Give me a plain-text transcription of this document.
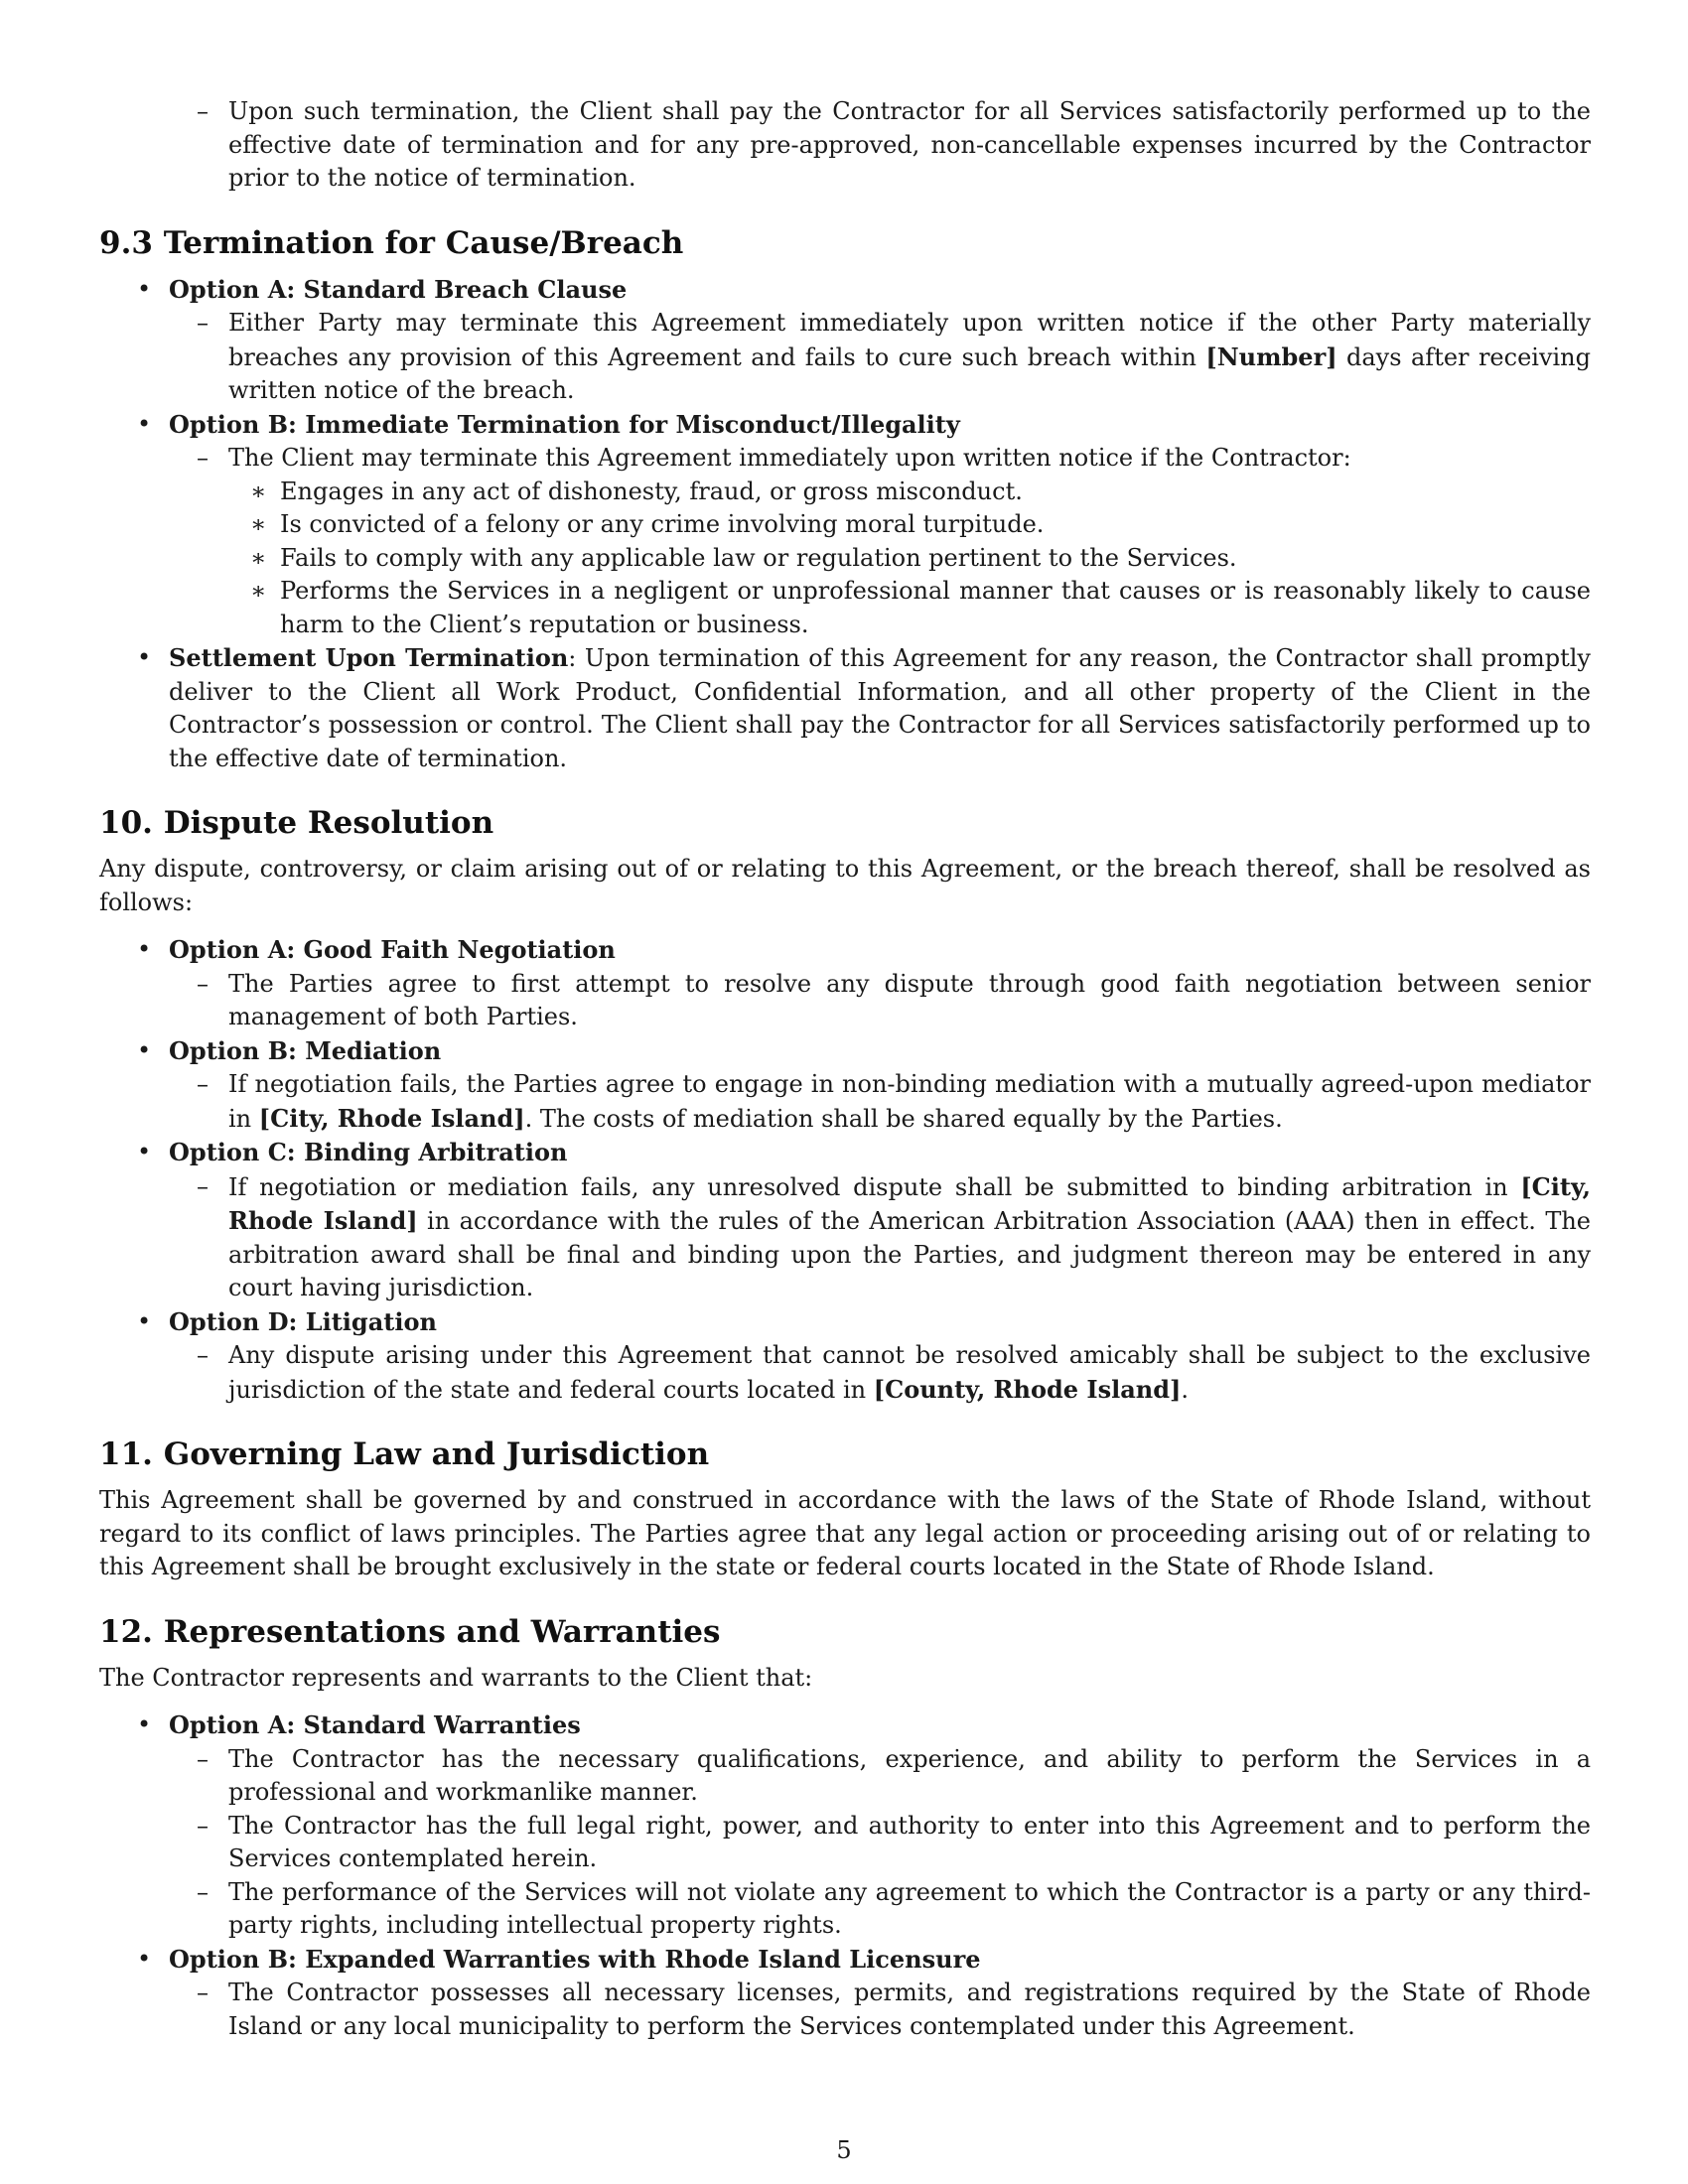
– Upon such termination, the Client shall pay the Contractor for all Services satisfactorily performed up to the effective date of termination and for any pre-approved, non-cancellable expenses incurred by the Contractor prior to the notice of termination.
9.3 Termination for Cause/Breach
• Option A: Standard Breach Clause
– Either Party may terminate this Agreement immediately upon written notice if the other Party materially breaches any provision of this Agreement and fails to cure such breach within [Number] days after receiving written notice of the breach.
• Option B: Immediate Termination for Misconduct/Illegality
– The Client may terminate this Agreement immediately upon written notice if the Contractor:
∗ Engages in any act of dishonesty, fraud, or gross misconduct.
∗ Is convicted of a felony or any crime involving moral turpitude.
∗ Fails to comply with any applicable law or regulation pertinent to the Services.
∗ Performs the Services in a negligent or unprofessional manner that causes or is reasonably likely to cause harm to the Client’s reputation or business.
• Settlement Upon Termination: Upon termination of this Agreement for any reason, the Contractor shall promptly deliver to the Client all Work Product, Confidential Information, and all other property of the Client in the Contractor’s possession or control. The Client shall pay the Contractor for all Services satisfactorily performed up to the effective date of termination.
10. Dispute Resolution

Any dispute, controversy, or claim arising out of or relating to this Agreement, or the breach thereof, shall be resolved as follows:

• Option A: Good Faith Negotiation
– The Parties agree to first attempt to resolve any dispute through good faith negotiation between senior management of both Parties.
• Option B: Mediation
– If negotiation fails, the Parties agree to engage in non-binding mediation with a mutually agreed-upon mediator in [City, Rhode Island]. The costs of mediation shall be shared equally by the Parties.
• Option C: Binding Arbitration
– If negotiation or mediation fails, any unresolved dispute shall be submitted to binding arbitration in [City, Rhode Island] in accordance with the rules of the American Arbitration Association (AAA) then in effect. The arbitration award shall be final and binding upon the Parties, and judgment thereon may be entered in any court having jurisdiction.
• Option D: Litigation
– Any dispute arising under this Agreement that cannot be resolved amicably shall be subject to the exclusive jurisdiction of the state and federal courts located in [County, Rhode Island].
11. Governing Law and Jurisdiction

This Agreement shall be governed by and construed in accordance with the laws of the State of Rhode Island, without regard to its conflict of laws principles. The Parties agree that any legal action or proceeding arising out of or relating to this Agreement shall be brought exclusively in the state or federal courts located in the State of Rhode Island.

12. Representations and Warranties

The Contractor represents and warrants to the Client that:

• Option A: Standard Warranties
– The Contractor has the necessary qualifications, experience, and ability to perform the Services in a professional and workmanlike manner.
– The Contractor has the full legal right, power, and authority to enter into this Agreement and to perform the Services contemplated herein.
– The performance of the Services will not violate any agreement to which the Contractor is a party or any third-party rights, including intellectual property rights.
• Option B: Expanded Warranties with Rhode Island Licensure
– The Contractor possesses all necessary licenses, permits, and registrations required by the State of Rhode Island or any local municipality to perform the Services contemplated under this Agreement.
5
